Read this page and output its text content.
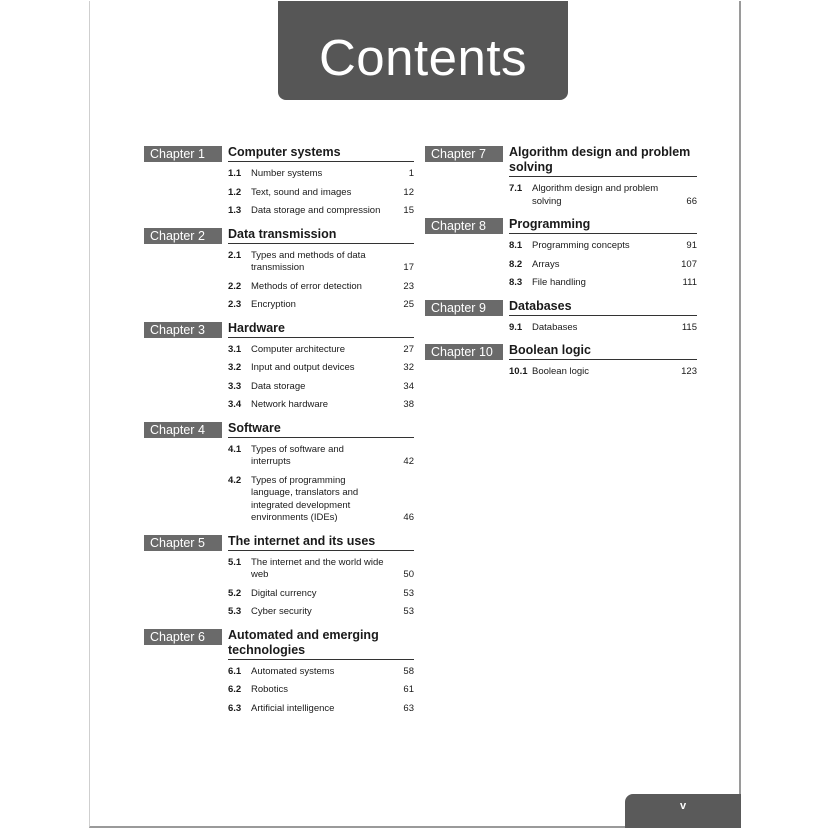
Contents
Chapter 1	Computer systems
1.1	Number systems	1
1.2	Text, sound and images	12
1.3	Data storage and compression	15
Chapter 2	Data transmission
2.1	Types and methods of data transmission	17
2.2	Methods of error detection	23
2.3	Encryption	25
Chapter 3	Hardware
3.1	Computer architecture	27
3.2	Input and output devices	32
3.3	Data storage	34
3.4	Network hardware	38
Chapter 4	Software
4.1	Types of software and interrupts	42
4.2	Types of programming language, translators and integrated development environments (IDEs)	46
Chapter 5	The internet and its uses
5.1	The internet and the world wide web	50
5.2	Digital currency	53
5.3	Cyber security	53
Chapter 6	Automated and emerging technologies
6.1	Automated systems	58
6.2	Robotics	61
6.3	Artificial intelligence	63
Chapter 7	Algorithm design and problem solving
7.1	Algorithm design and problem solving	66
Chapter 8	Programming
8.1	Programming concepts	91
8.2	Arrays	107
8.3	File handling	111
Chapter 9	Databases
9.1	Databases	115
Chapter 10	Boolean logic
10.1 Boolean logic	123
v
